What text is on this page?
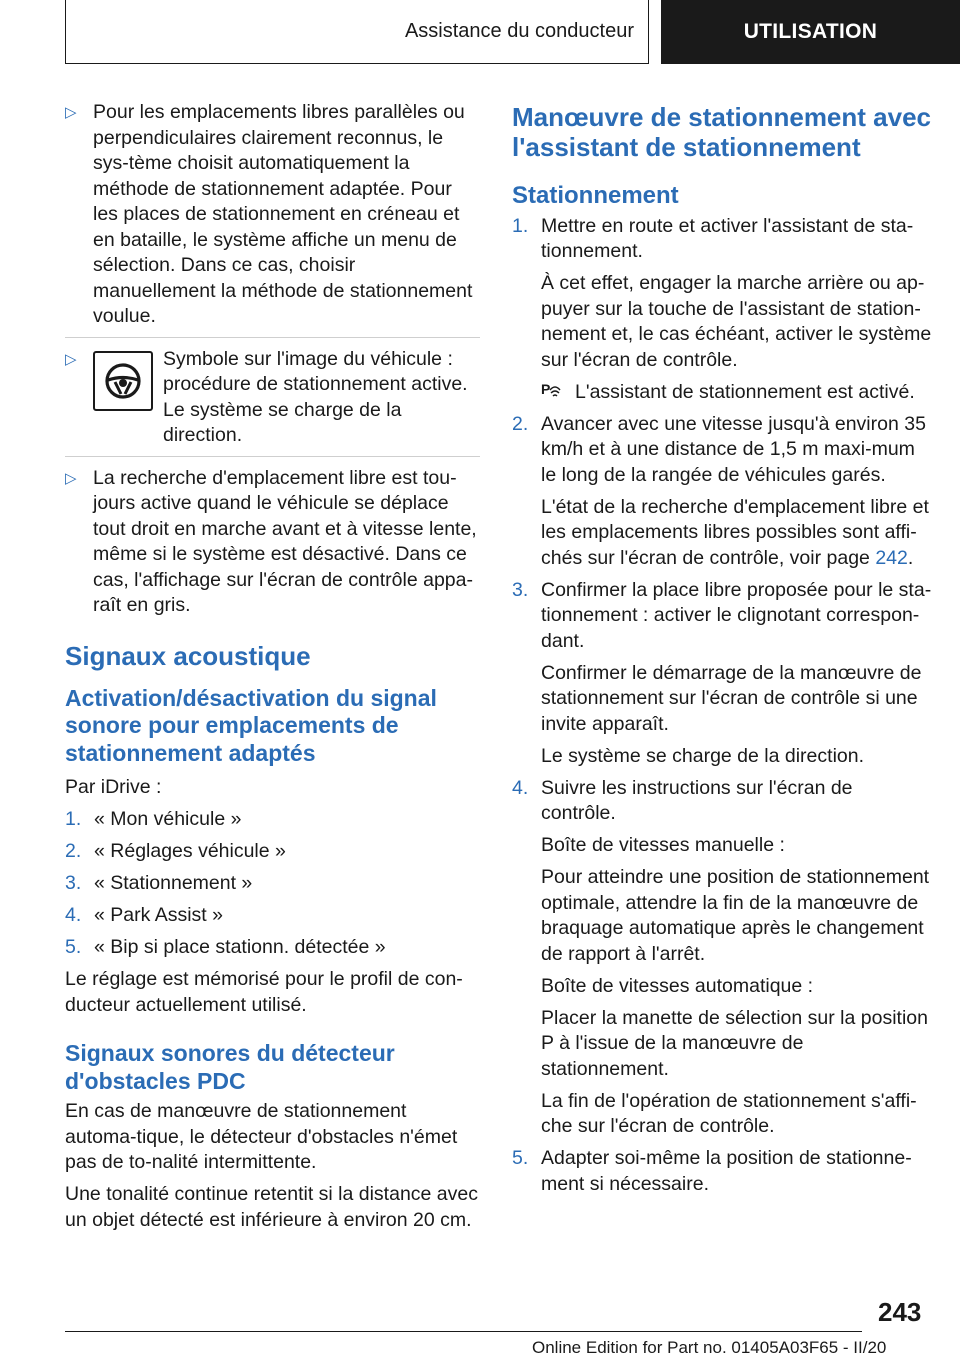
Assistance du conducteur	UTILISATION
▷ Pour les emplacements libres parallèles ou perpendiculaires clairement reconnus, le sys-tème choisit automatiquement la méthode de stationnement adaptée. Pour les places de stationnement en créneau et en bataille, le système affiche un menu de sélection. Dans ce cas, choisir manuellement la méthode de stationnement voulue.

▷	Symbole sur l'image du véhicule : procédure de stationnement active. Le système se charge de la direction.

▷ La recherche d'emplacement libre est tou-jours active quand le véhicule se déplace tout droit en marche avant et à vitesse lente, même si le système est désactivé. Dans ce cas, l'affichage sur l'écran de contrôle appa-raît en gris.

Signaux acoustique
Activation/désactivation du signal sonore pour emplacements de stationnement adaptés

Par iDrive :

1. « Mon véhicule »

2. « Réglages véhicule »

3. « Stationnement »

4. « Park Assist »

5. « Bip si place stationn. détectée »

Le réglage est mémorisé pour le profil de con-ducteur actuellement utilisé.

Signaux sonores du détecteur d'obstacles PDC

En cas de manœuvre de stationnement automa-tique, le détecteur d'obstacles n'émet pas de to-nalité intermittente.

Une tonalité continue retentit si la distance avec un objet détecté est inférieure à environ 20 cm.

Manœuvre de stationnement avec l'assistant de stationnement
Stationnement
1. Mettre en route et activer l'assistant de sta-tionnement.

À cet effet, engager la marche arrière ou ap-puyer sur la touche de l'assistant de station-nement et, le cas échéant, activer le système sur l'écran de contrôle.

P L'assistant de stationnement est activé.

2. Avancer avec une vitesse jusqu'à environ 35 km/h et à une distance de 1,5 m maxi-mum le long de la rangée de véhicules garés.

L'état de la recherche d'emplacement libre et les emplacements libres possibles sont affi-chés sur l'écran de contrôle, voir page 242.

3. Confirmer la place libre proposée pour le sta-tionnement : activer le clignotant correspon-dant.

Confirmer le démarrage de la manœuvre de stationnement sur l'écran de contrôle si une invite apparaît.

Le système se charge de la direction.

4. Suivre les instructions sur l'écran de contrôle.

Boîte de vitesses manuelle :

Pour atteindre une position de stationnement optimale, attendre la fin de la manœuvre de braquage automatique après le changement de rapport à l'arrêt.

Boîte de vitesses automatique :

Placer la manette de sélection sur la position P à l'issue de la manœuvre de stationnement.

La fin de l'opération de stationnement s'affi-che sur l'écran de contrôle.

5. Adapter soi-même la position de stationne-ment si nécessaire.

243
Online Edition for Part no. 01405A03F65 - II/20
